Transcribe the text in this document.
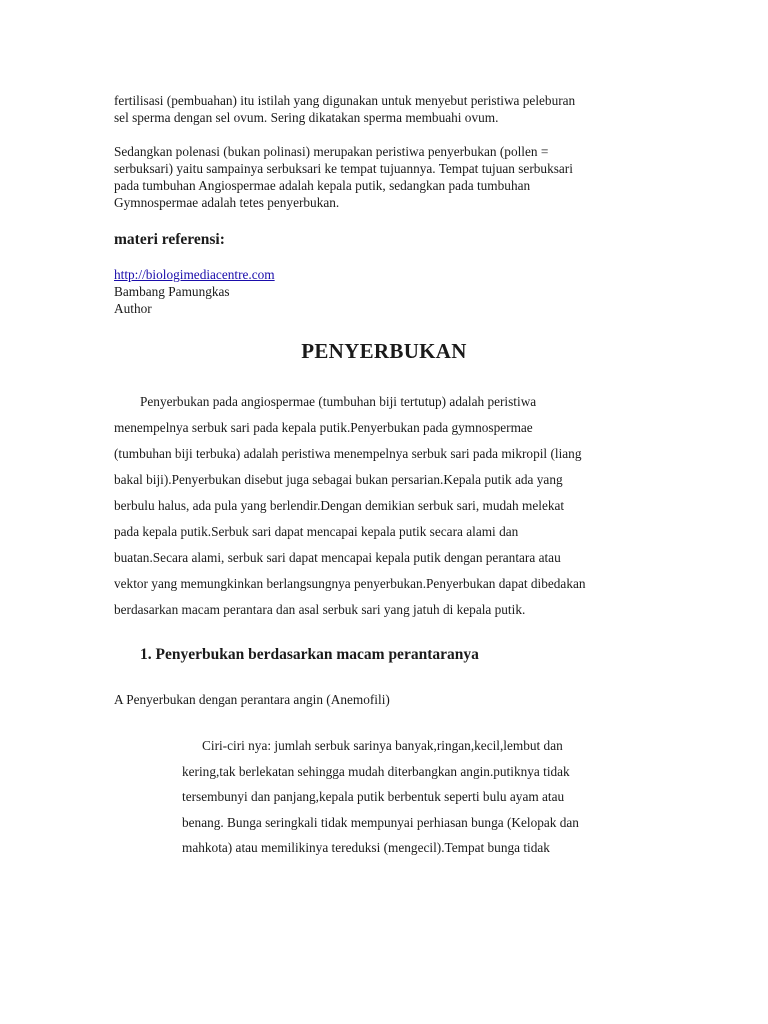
fertilisasi (pembuahan) itu istilah yang digunakan untuk menyebut peristiwa peleburan
sel sperma dengan sel ovum. Sering dikatakan sperma membuahi ovum.
Sedangkan polenasi (bukan polinasi) merupakan peristiwa penyerbukan (pollen =
serbuksari) yaitu sampainya serbuksari ke tempat tujuannya. Tempat tujuan serbuksari
pada tumbuhan Angiospermae adalah kepala putik, sedangkan pada tumbuhan
Gymnospermae adalah tetes penyerbukan.
materi referensi:
http://biologimediacentre.com
Bambang Pamungkas
Author
PENYERBUKAN
Penyerbukan pada angiospermae (tumbuhan biji tertutup) adalah peristiwa
menempelnya serbuk sari pada kepala putik.Penyerbukan pada gymnospermae
(tumbuhan biji terbuka) adalah peristiwa menempelnya serbuk sari pada mikropil (liang
bakal biji).Penyerbukan disebut juga sebagai bukan persarian.Kepala putik ada yang
berbulu halus, ada pula yang berlendir.Dengan demikian serbuk sari, mudah melekat
pada kepala putik.Serbuk sari dapat mencapai kepala putik secara alami dan
buatan.Secara alami, serbuk sari dapat mencapai kepala putik dengan perantara atau
vektor yang memungkinkan berlangsungnya penyerbukan.Penyerbukan dapat dibedakan
berdasarkan macam perantara dan asal serbuk sari yang jatuh di kepala putik.
1. Penyerbukan berdasarkan macam perantaranya
A Penyerbukan dengan perantara angin (Anemofili)
Ciri-ciri nya: jumlah serbuk sarinya banyak,ringan,kecil,lembut dan
kering,tak berlekatan sehingga mudah diterbangkan angin.putiknya tidak
tersembunyi dan panjang,kepala putik berbentuk seperti bulu ayam atau
benang. Bunga seringkali tidak mempunyai perhiasan bunga (Kelopak dan
mahkota) atau memilikinya tereduksi (mengecil).Tempat bunga tidak
